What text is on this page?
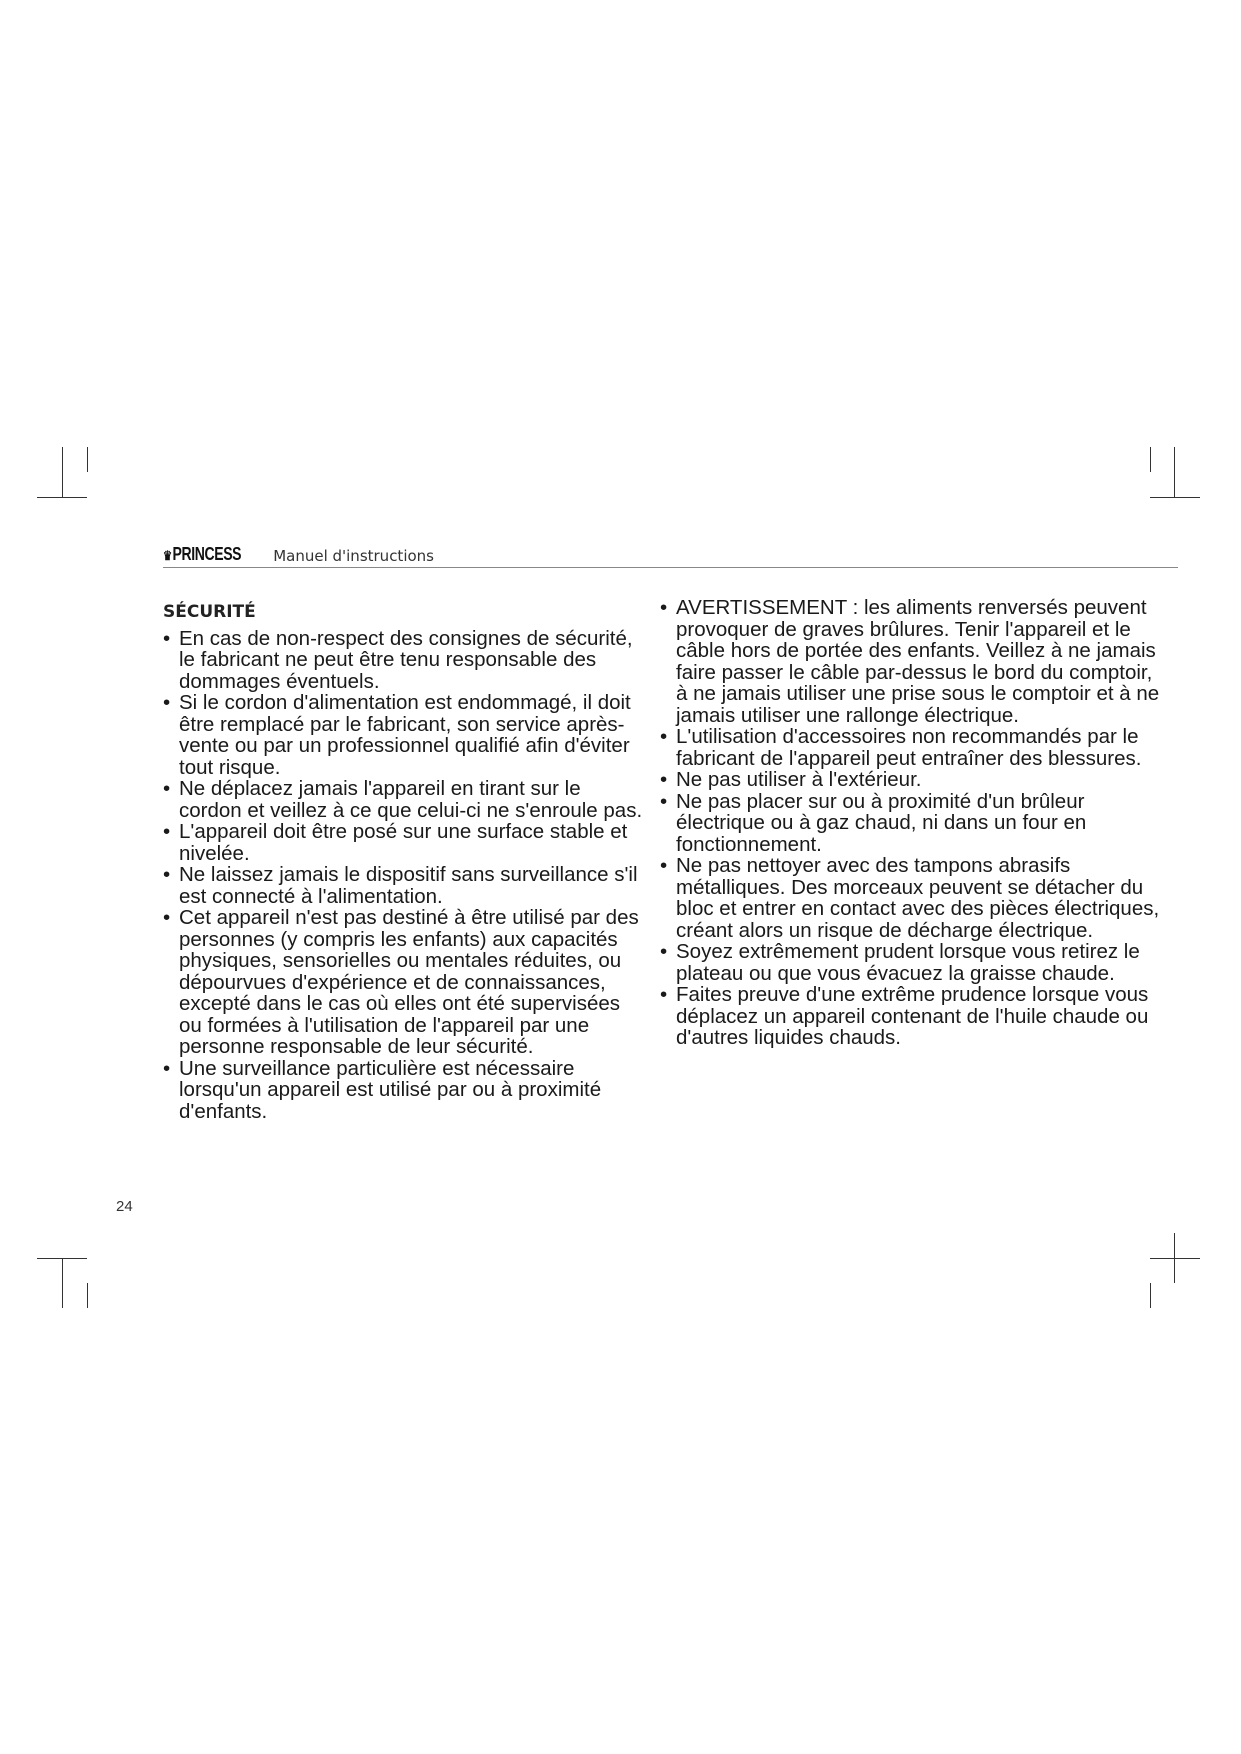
♛PRINCESS Manuel d'instructions
SÉCURITÉ
• En cas de non-respect des consignes de sécurité, le fabricant ne peut être tenu responsable des dommages éventuels.
• Si le cordon d'alimentation est endommagé, il doit être remplacé par le fabricant, son service après-vente ou par un professionnel qualifié afin d'éviter tout risque.
• Ne déplacez jamais l'appareil en tirant sur le cordon et veillez à ce que celui-ci ne s'enroule pas.
• L'appareil doit être posé sur une surface stable et nivelée.
• Ne laissez jamais le dispositif sans surveillance s'il est connecté à l'alimentation.
• Cet appareil n'est pas destiné à être utilisé par des personnes (y compris les enfants) aux capacités physiques, sensorielles ou mentales réduites, ou dépourvues d'expérience et de connaissances, excepté dans le cas où elles ont été supervisées ou formées à l'utilisation de l'appareil par une personne responsable de leur sécurité.
• Une surveillance particulière est nécessaire lorsqu'un appareil est utilisé par ou à proximité d'enfants.
• AVERTISSEMENT : les aliments renversés peuvent provoquer de graves brûlures. Tenir l'appareil et le câble hors de portée des enfants. Veillez à ne jamais faire passer le câble par-dessus le bord du comptoir, à ne jamais utiliser une prise sous le comptoir et à ne jamais utiliser une rallonge électrique.
• L'utilisation d'accessoires non recommandés par le fabricant de l'appareil peut entraîner des blessures.
• Ne pas utiliser à l'extérieur.
• Ne pas placer sur ou à proximité d'un brûleur électrique ou à gaz chaud, ni dans un four en fonctionnement.
• Ne pas nettoyer avec des tampons abrasifs métalliques. Des morceaux peuvent se détacher du bloc et entrer en contact avec des pièces électriques, créant alors un risque de décharge électrique.
• Soyez extrêmement prudent lorsque vous retirez le plateau ou que vous évacuez la graisse chaude.
• Faites preuve d'une extrême prudence lorsque vous déplacez un appareil contenant de l'huile chaude ou d'autres liquides chauds.
24
